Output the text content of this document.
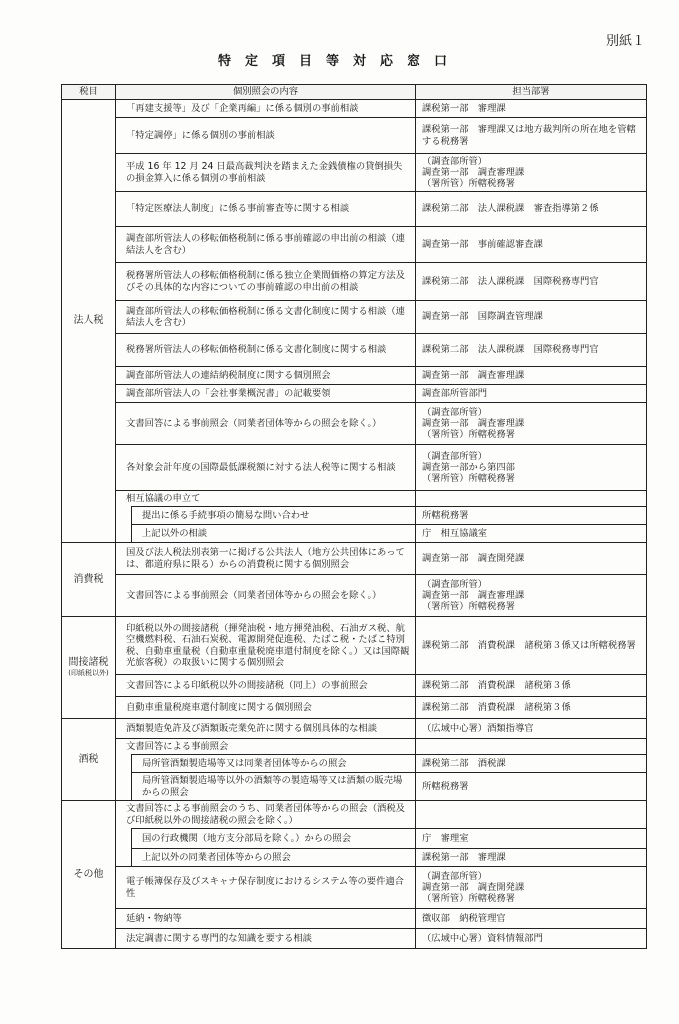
別紙１
特定項目等対応窓口
税目	個別照会の内容		担当部署
法人税	「再建支援等」及び「企業再編」に係る個別の事前相談		課税第一部　審理課
	「特定調停」に係る個別の事前相談		課税第一部　審理課又は地方裁判所の所在地を管轄する税務署
	平成 16 年 12 月 24 日最高裁判決を踏まえた金銭債権の貸倒損失の損金算入に係る個別の事前相談		（調査部所管）
調査第一部　調査審理課
（署所管）所轄税務署

	「特定医療法人制度」に係る事前審査等に関する相談		課税第二部　法人課税課　審査指導第２係
	調査部所管法人の移転価格税制に係る事前確認の申出前の相談（連結法人を含む）		調査第一部　事前確認審査課
	税務署所管法人の移転価格税制に係る独立企業間価格の算定方法及びその具体的な内容についての事前確認の申出前の相談		課税第二部　法人課税課　国際税務専門官
	調査部所管法人の移転価格税制に係る文書化制度に関する相談（連結法人を含む）		調査第一部　国際調査管理課
	税務署所管法人の移転価格税制に係る文書化制度に関する相談		課税第二部　法人課税課　国際税務専門官
	調査部所管法人の連結納税制度に関する個別照会		調査第一部　調査審理課
	調査部所管法人の「会社事業概況書」の記載要領		調査部所管部門
	文書回答による事前照会（同業者団体等からの照会を除く。）		（調査部所管）
調査第一部　調査審理課
（署所管）所轄税務署

	各対象会計年度の国際最低課税額に対する法人税等に関する相談		（調査部所管）
調査第一部から第四部
（署所管）所轄税務署

	相互協議の申立て		
		提出に係る手続事項の簡易な問い合わせ	所轄税務署
		上記以外の相談	庁　相互協議室
消費税	国及び法人税法別表第一に掲げる公共法人（地方公共団体にあっては、都道府県に限る）からの消費税に関する個別照会		調査第一部　調査開発課
	文書回答による事前照会（同業者団体等からの照会を除く。）		（調査部所管）
調査第一部　調査審理課
（署所管）所轄税務署

間接諸税
(印紙税以外)	印紙税以外の間接諸税（揮発油税・地方揮発油税、石油ガス税、航空機燃料税、石油石炭税、電源開発促進税、たばこ税・たばこ特別税、自動車重量税（自動車重量税廃車還付制度を除く。）又は国際観光旅客税）の取扱いに関する個別照会		課税第二部　消費税課　諸税第３係又は所轄税務署
	文書回答による印紙税以外の間接諸税（同上）の事前照会		課税第二部　消費税課　諸税第３係
	自動車重量税廃車還付制度に関する個別照会		課税第二部　消費税課　諸税第３係
酒税	酒類製造免許及び酒類販売業免許に関する個別具体的な相談		（広域中心署）酒類指導官
	文書回答による事前照会		
		局所管酒類製造場等又は同業者団体等からの照会	課税第二部　酒税課
		局所管酒類製造場等以外の酒類等の製造場等又は酒類の販売場からの照会	所轄税務署
その他	文書回答による事前照会のうち、同業者団体等からの照会（酒税及び印紙税以外の間接諸税の照会を除く。）		
		国の行政機関（地方支分部局を除く。）からの照会	庁　審理室
		上記以外の同業者団体等からの照会	課税第一部　審理課
	電子帳簿保存及びスキャナ保存制度におけるシステム等の要件適合性		（調査部所管）
調査第一部　調査開発課
（署所管）所轄税務署

	延納・物納等		徴収部　納税管理官
	法定調書に関する専門的な知識を要する相談		（広域中心署）資料情報部門
